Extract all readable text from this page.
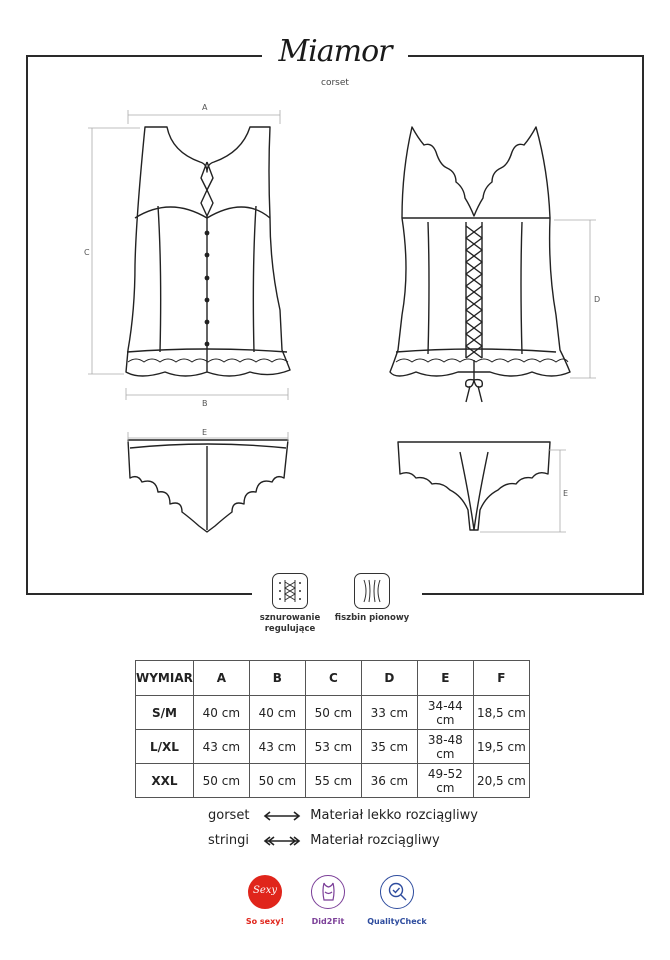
Miamor
corset
A
B
C
D
E
E
sznurowanie
regulujące
fiszbin pionowy
WYMIAR	A	B	C	D	E	F
S/M	40 cm	40 cm	50 cm	33 cm	34-44 cm	18,5 cm
L/XL	43 cm	43 cm	53 cm	35 cm	38-48 cm	19,5 cm
XXL	50 cm	50 cm	55 cm	36 cm	49-52 cm	20,5 cm
gorset	Materiał lekko rozciągliwy
stringi	Materiał rozciągliwy
Sexy
So sexy!	Did2Fit	QualityCheck
